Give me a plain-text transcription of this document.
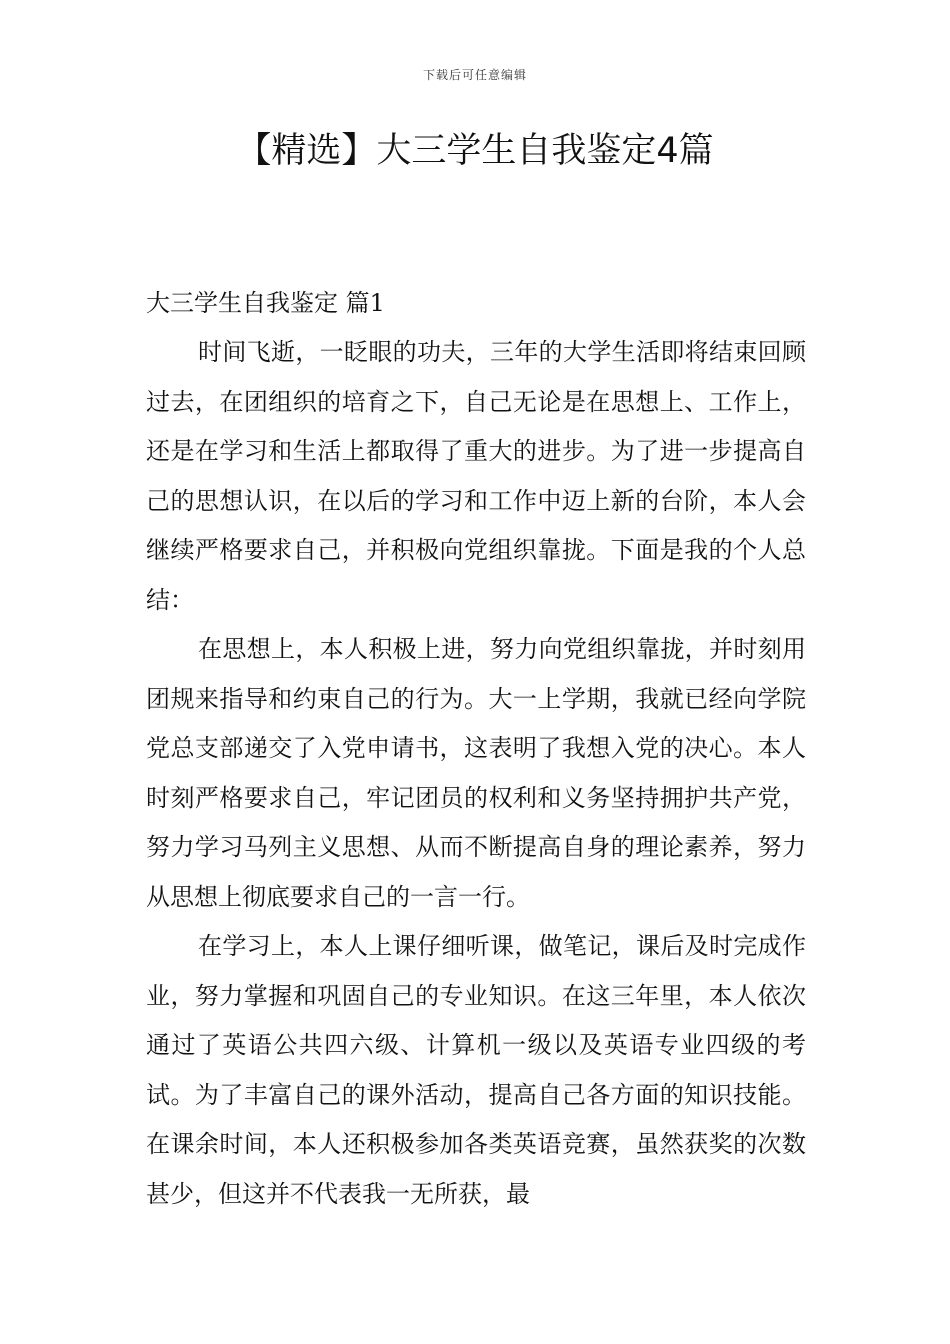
下载后可任意编辑
【精选】大三学生自我鉴定4篇

大三学生自我鉴定 篇1

时间飞逝，一眨眼的功夫，三年的大学生活即将结束回顾过去，在团组织的培育之下，自己无论是在思想上、工作上，还是在学习和生活上都取得了重大的进步。为了进一步提高自己的思想认识，在以后的学习和工作中迈上新的台阶，本人会继续严格要求自己，并积极向党组织靠拢。下面是我的个人总结：

在思想上，本人积极上进，努力向党组织靠拢，并时刻用团规来指导和约束自己的行为。大一上学期，我就已经向学院党总支部递交了入党申请书，这表明了我想入党的决心。本人时刻严格要求自己，牢记团员的权利和义务坚持拥护共产党，努力学习马列主义思想、从而不断提高自身的理论素养，努力从思想上彻底要求自己的一言一行。

在学习上，本人上课仔细听课，做笔记，课后及时完成作业，努力掌握和巩固自己的专业知识。在这三年里，本人依次通过了英语公共四六级、计算机一级以及英语专业四级的考试。为了丰富自己的课外活动，提高自己各方面的知识技能。在课余时间，本人还积极参加各类英语竞赛，虽然获奖的次数甚少，但这并不代表我一无所获，最
